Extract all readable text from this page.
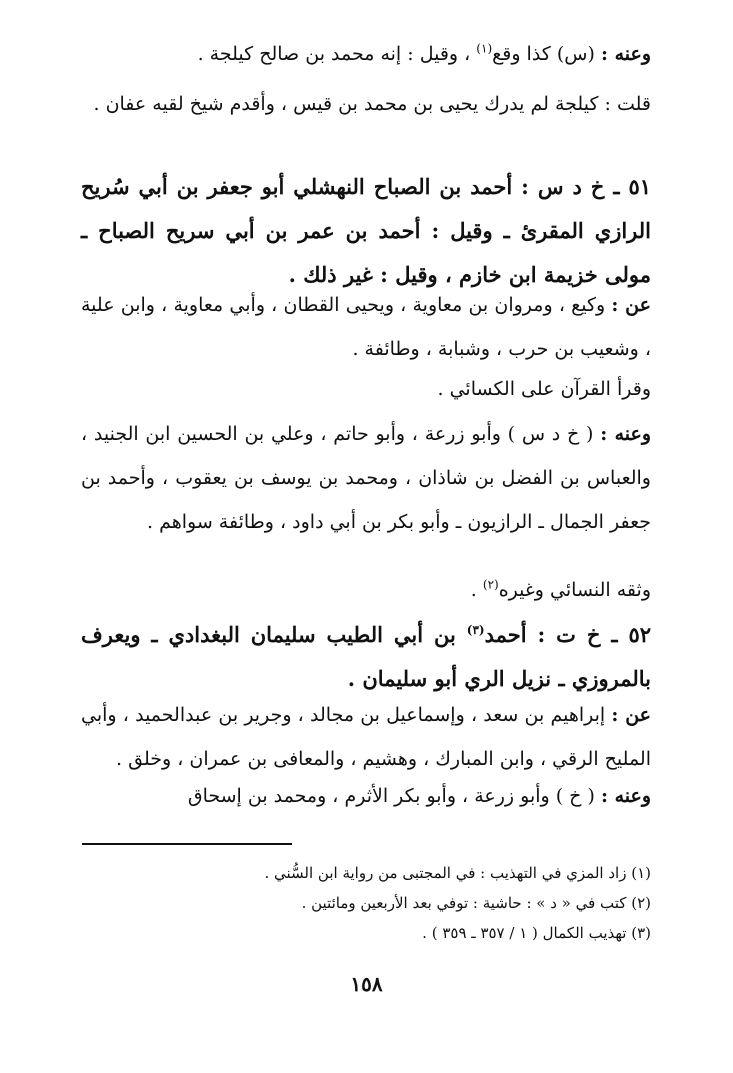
وعنه : (س) كذا وقع$^{(١)}$ ، وقيل : إنه محمد بن صالح كيلجة .

قلت : كيلجة لم يدرك يحيى بن محمد بن قيس ، وأقدم شيخ لقيه عفان .

٥١ ـ خ د س : أحمد بن الصباح النهشلي أبو جعفر بن أبي سُريح الرازي المقرئ ـ وقيل : أحمد بن عمر بن أبي سريح الصباح ـ مولى خزيمة ابن خازم ، وقيل : غير ذلك .

عن : وكيع ، ومروان بن معاوية ، ويحيى القطان ، وأبي معاوية ، وابن علية ، وشعيب بن حرب ، وشبابة ، وطائفة .

وقرأ القرآن على الكسائي .

وعنه : ( خ د س ) وأبو زرعة ، وأبو حاتم ، وعلي بن الحسين ابن الجنيد ، والعباس بن الفضل بن شاذان ، ومحمد بن يوسف بن يعقوب ، وأحمد بن جعفر الجمال ـ الرازيون ـ وأبو بكر بن أبي داود ، وطائفة سواهم .

وثقه النسائي وغيره$^{(٢)}$ .

٥٢ ـ خ ت : أحمد$^{(٣)}$ بن أبي الطيب سليمان البغدادي ـ ويعرف بالمروزي ـ نزيل الري أبو سليمان .

عن : إبراهيم بن سعد ، وإسماعيل بن مجالد ، وجرير بن عبدالحميد ، وأبي المليح الرقي ، وابن المبارك ، وهشيم ، والمعافى بن عمران ، وخلق .

وعنه : ( خ ) وأبو زرعة ، وأبو بكر الأثرم ، ومحمد بن إسحاق

(١) زاد المزي في التهذيب : في المجتبى من رواية ابن السُّني .

(٢) كتب في « د » : حاشية : توفي بعد الأربعين ومائتين .

(٣) تهذيب الكمال ( ١ / ٣٥٧ ـ ٣٥٩ ) .

١٥٨
